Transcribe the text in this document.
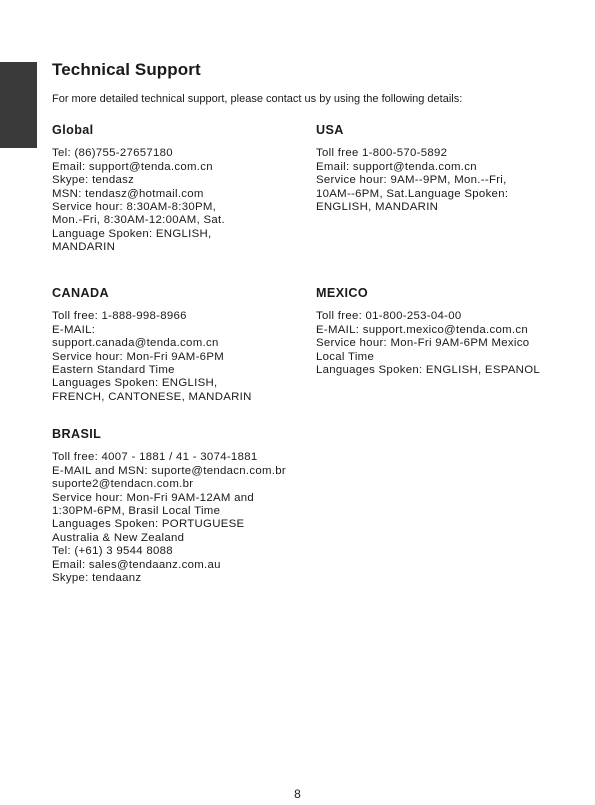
Technical Support
For more detailed technical support, please contact us by using the following details:
Global
Tel: (86)755-27657180
Email: support@tenda.com.cn
Skype: tendasz
MSN: tendasz@hotmail.com
Service hour: 8:30AM-8:30PM,
Mon.-Fri, 8:30AM-12:00AM, Sat.
Language Spoken: ENGLISH,
MANDARIN
USA
Toll free 1-800-570-5892
Email: support@tenda.com.cn
Service hour: 9AM--9PM, Mon.--Fri,
10AM--6PM, Sat.Language Spoken:
ENGLISH, MANDARIN
CANADA
Toll free: 1-888-998-8966
E-MAIL:
support.canada@tenda.com.cn
Service hour: Mon-Fri 9AM-6PM
Eastern Standard Time
Languages Spoken: ENGLISH,
FRENCH, CANTONESE, MANDARIN
MEXICO
Toll free: 01-800-253-04-00
E-MAIL: support.mexico@tenda.com.cn
Service hour: Mon-Fri 9AM-6PM Mexico
Local Time
Languages Spoken: ENGLISH, ESPANOL
BRASIL
Toll free: 4007 - 1881 / 41 - 3074-1881
E-MAIL and MSN: suporte@tendacn.com.br
suporte2@tendacn.com.br
Service hour: Mon-Fri 9AM-12AM and
1:30PM-6PM, Brasil Local Time
Languages Spoken: PORTUGUESE
Australia & New Zealand
Tel: (+61) 3 9544 8088
Email: sales@tendaanz.com.au
Skype: tendaanz
8
